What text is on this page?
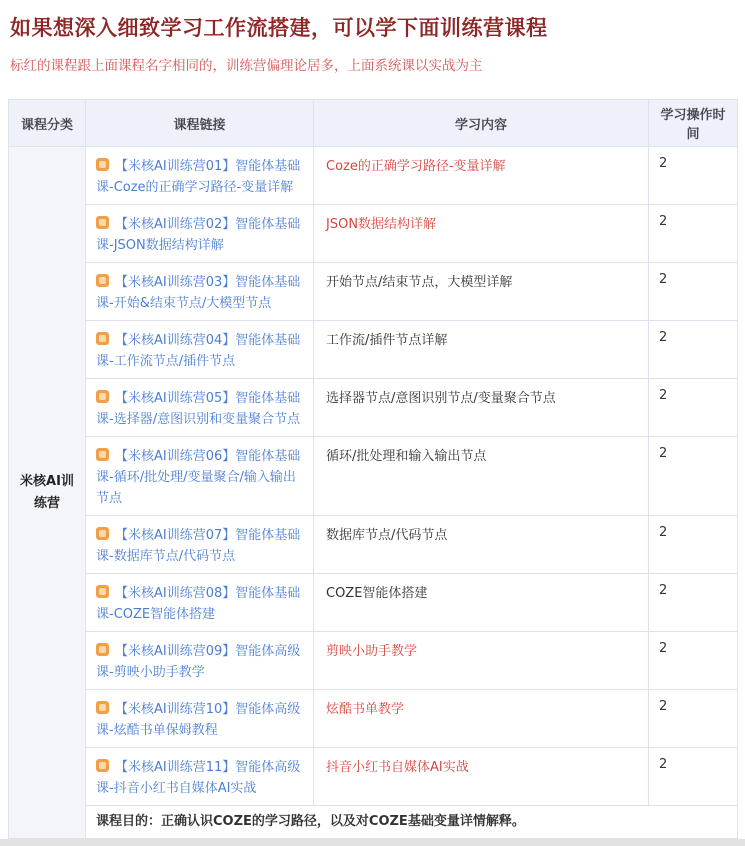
如果想深入细致学习工作流搭建，可以学下面训练营课程
标红的课程跟上面课程名字相同的，训练营偏理论居多，上面系统课以实战为主
课程分类	课程链接	学习内容	学习操作时间
米核AI训练营	【米核AI训练营01】智能体基础课-Coze的正确学习路径-变量详解	Coze的正确学习路径-变量详解	2

【米核AI训练营02】智能体基础课-JSON数据结构详解	JSON数据结构详解	2

【米核AI训练营03】智能体基础课-开始&结束节点/大模型节点	开始节点/结束节点，大模型详解	2

【米核AI训练营04】智能体基础课-工作流节点/插件节点	工作流/插件节点详解	2

【米核AI训练营05】智能体基础课-选择器/意图识别和变量聚合节点	选择器节点/意图识别节点/变量聚合节点	2

【米核AI训练营06】智能体基础课-循环/批处理/变量聚合/输入输出节点	循环/批处理和输入输出节点	2

【米核AI训练营07】智能体基础课-数据库节点/代码节点	数据库节点/代码节点	2

【米核AI训练营08】智能体基础课-COZE智能体搭建	COZE智能体搭建	2

【米核AI训练营09】智能体高级课-剪映小助手教学	剪映小助手教学	2

【米核AI训练营10】智能体高级课-炫酷书单保姆教程	炫酷书单教学	2

【米核AI训练营11】智能体高级课-抖音小红书自媒体AI实战	抖音小红书自媒体AI实战	2
	课程目的：正确认识COZE的学习路径，以及对COZE基础变量详情解释。		
